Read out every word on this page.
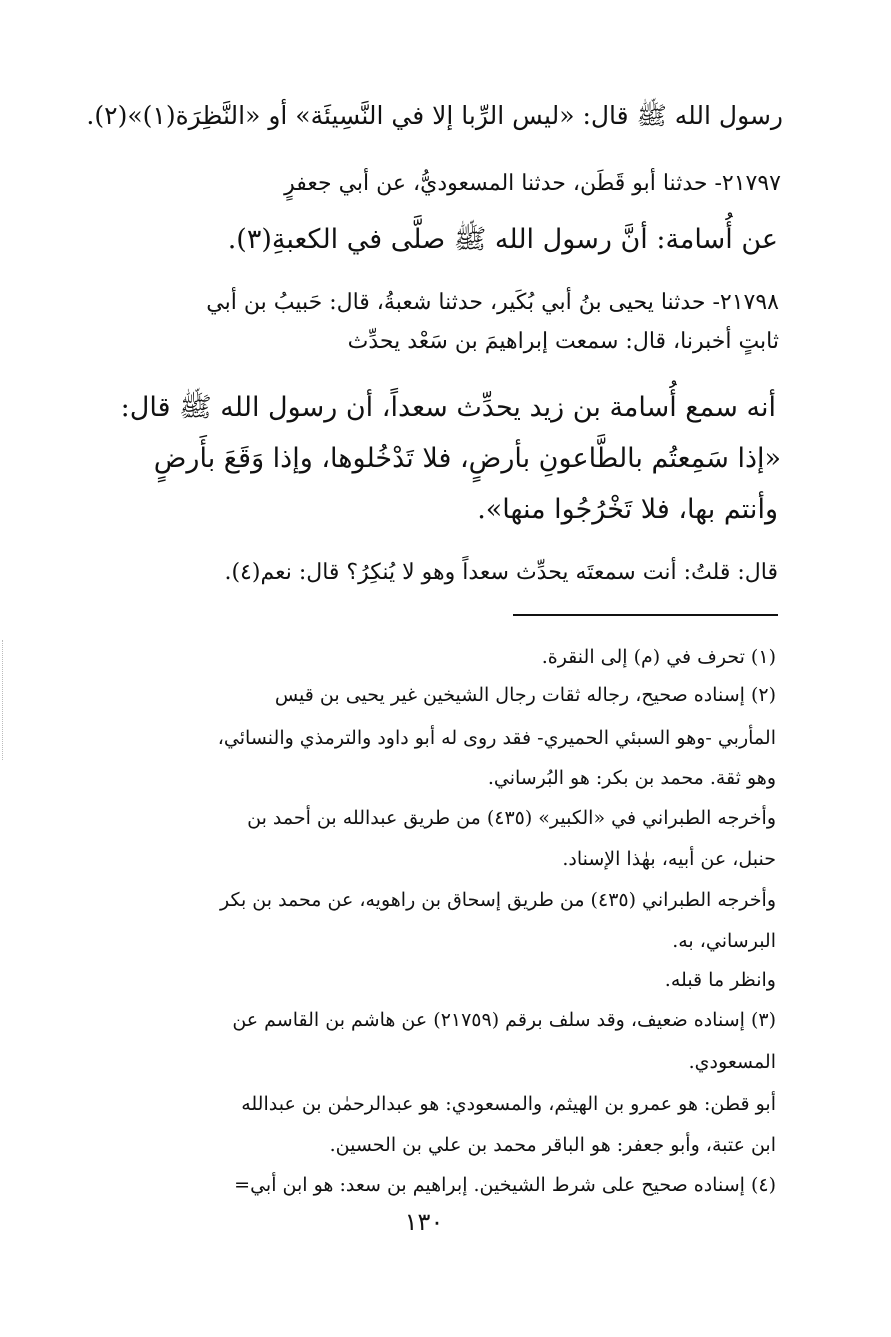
رسول الله ﷺ قال: «ليس الرِّبا إلا في النَّسِيئَة» أو «النَّظِرَة(١)»(٢).
٢١٧٩٧- حدثنا أبو قَطَن، حدثنا المسعوديُّ، عن أبي جعفرٍ
عن أُسامة: أنَّ رسول الله ﷺ صلَّى في الكعبةِ(٣).
٢١٧٩٨- حدثنا يحيى بنُ أبي بُكَير، حدثنا شعبةُ، قال: حَبيبُ بن أبي
ثابتٍ أخبرنا، قال: سمعت إبراهيمَ بن سَعْد يحدِّث
أنه سمع أُسامة بن زيد يحدِّث سعداً، أن رسول الله ﷺ قال:
«إذا سَمِعتُم بالطَّاعونِ بأرضٍ، فلا تَدْخُلوها، وإذا وَقَعَ بأَرضٍ
وأنتم بها، فلا تَخْرُجُوا منها».
قال: قلتُ: أنت سمعتَه يحدِّث سعداً وهو لا يُنكِرُ؟ قال: نعم(٤).
(١) تحرف في (م) إلى النقرة.
(٢) إسناده صحيح، رجاله ثقات رجال الشيخين غير يحيى بن قيس
المأربي -وهو السبئي الحميري- فقد روى له أبو داود والترمذي والنسائي،
وهو ثقة. محمد بن بكر: هو البُرساني.
وأخرجه الطبراني في «الكبير» (٤٣٥) من طريق عبدالله بن أحمد بن
حنبل، عن أبيه، بهٰذا الإسناد.
وأخرجه الطبراني (٤٣٥) من طريق إسحاق بن راهويه، عن محمد بن بكر
البرساني، به.
وانظر ما قبله.
(٣) إسناده ضعيف، وقد سلف برقم (٢١٧٥٩) عن هاشم بن القاسم عن
المسعودي.
أبو قطن: هو عمرو بن الهيثم، والمسعودي: هو عبدالرحمٰن بن عبدالله
ابن عتبة، وأبو جعفر: هو الباقر محمد بن علي بن الحسين.
(٤) إسناده صحيح على شرط الشيخين. إبراهيم بن سعد: هو ابن أبي=
١٣٠
